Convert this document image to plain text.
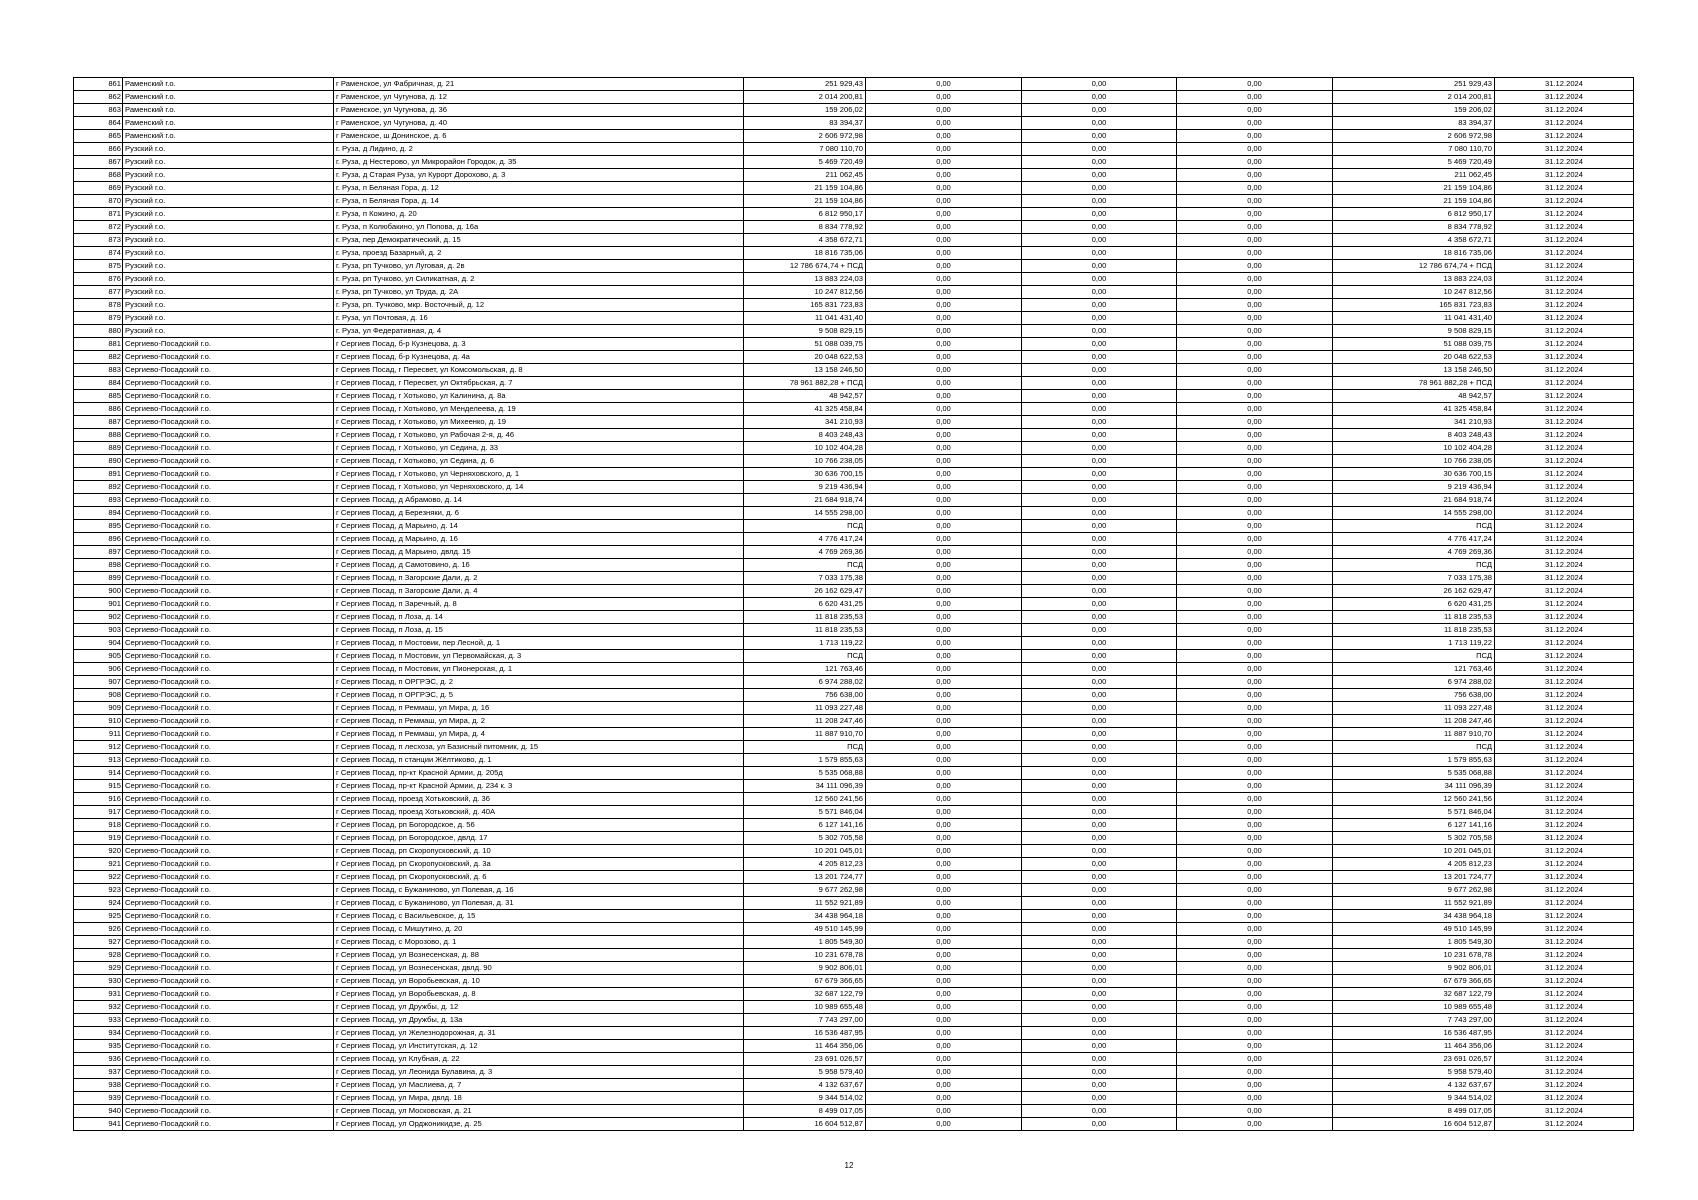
861	Раменский г.о.	г Раменское, ул Фабричная, д. 21	251 929,43	0,00	0,00	0,00	251 929,43	31.12.2024
862	Раменский г.о.	г Раменское, ул Чугунова, д. 12	2 014 200,81	0,00	0,00	0,00	2 014 200,81	31.12.2024
863	Раменский г.о.	г Раменское, ул Чугунова, д. 36	159 206,02	0,00	0,00	0,00	159 206,02	31.12.2024
864	Раменский г.о.	г Раменское, ул Чугунова, д. 40	83 394,37	0,00	0,00	0,00	83 394,37	31.12.2024
865	Раменский г.о.	г Раменское, ш Донинское, д. 6	2 606 972,98	0,00	0,00	0,00	2 606 972,98	31.12.2024
866	Рузский г.о.	г. Руза, д Лидино, д. 2	7 080 110,70	0,00	0,00	0,00	7 080 110,70	31.12.2024
867	Рузский г.о.	г. Руза, д Нестерово, ул Микрорайон Городок, д. 35	5 469 720,49	0,00	0,00	0,00	5 469 720,49	31.12.2024
868	Рузский г.о.	г. Руза, д Старая Руза, ул Курорт Дорохово, д. 3	211 062,45	0,00	0,00	0,00	211 062,45	31.12.2024
869	Рузский г.о.	г. Руза, п Беляная Гора, д. 12	21 159 104,86	0,00	0,00	0,00	21 159 104,86	31.12.2024
870	Рузский г.о.	г. Руза, п Беляная Гора, д. 14	21 159 104,86	0,00	0,00	0,00	21 159 104,86	31.12.2024
871	Рузский г.о.	г. Руза, п Кожино, д. 20	6 812 950,17	0,00	0,00	0,00	6 812 950,17	31.12.2024
872	Рузский г.о.	г. Руза, п Колюбакино, ул Попова, д. 16а	8 834 778,92	0,00	0,00	0,00	8 834 778,92	31.12.2024
873	Рузский г.о.	г. Руза, пер Демократический, д. 15	4 358 672,71	0,00	0,00	0,00	4 358 672,71	31.12.2024
874	Рузский г.о.	г. Руза, проезд Базарный, д. 2	18 816 735,06	0,00	0,00	0,00	18 816 735,06	31.12.2024
875	Рузский г.о.	г. Руза, рп Тучково, ул Луговая, д. 2в	12 786 674,74 + ПСД	0,00	0,00	0,00	12 786 674,74 + ПСД	31.12.2024
876	Рузский г.о.	г. Руза, рп Тучково, ул Силикатная, д. 2	13 883 224,03	0,00	0,00	0,00	13 883 224,03	31.12.2024
877	Рузский г.о.	г. Руза, рп Тучково, ул Труда, д. 2А	10 247 812,56	0,00	0,00	0,00	10 247 812,56	31.12.2024
878	Рузский г.о.	г. Руза, рп. Тучково, мкр. Восточный, д. 12	165 831 723,83	0,00	0,00	0,00	165 831 723,83	31.12.2024
879	Рузский г.о.	г. Руза, ул Почтовая, д. 16	11 041 431,40	0,00	0,00	0,00	11 041 431,40	31.12.2024
880	Рузский г.о.	г. Руза, ул Федеративная, д. 4	9 508 829,15	0,00	0,00	0,00	9 508 829,15	31.12.2024
881	Сергиево-Посадский г.о.	г Сергиев Посад, б-р Кузнецова, д. 3	51 088 039,75	0,00	0,00	0,00	51 088 039,75	31.12.2024
882	Сергиево-Посадский г.о.	г Сергиев Посад, б-р Кузнецова, д. 4а	20 048 622,53	0,00	0,00	0,00	20 048 622,53	31.12.2024
883	Сергиево-Посадский г.о.	г Сергиев Посад, г Пересвет, ул Комсомольская, д. 8	13 158 246,50	0,00	0,00	0,00	13 158 246,50	31.12.2024
884	Сергиево-Посадский г.о.	г Сергиев Посад, г Пересвет, ул Октябрьская, д. 7	78 961 882,28 + ПСД	0,00	0,00	0,00	78 961 882,28 + ПСД	31.12.2024
885	Сергиево-Посадский г.о.	г Сергиев Посад, г Хотьково, ул Калинина, д. 8а	48 942,57	0,00	0,00	0,00	48 942,57	31.12.2024
886	Сергиево-Посадский г.о.	г Сергиев Посад, г Хотьково, ул Менделеева, д. 19	41 325 458,84	0,00	0,00	0,00	41 325 458,84	31.12.2024
887	Сергиево-Посадский г.о.	г Сергиев Посад, г Хотьково, ул Михеенко, д. 19	341 210,93	0,00	0,00	0,00	341 210,93	31.12.2024
888	Сергиево-Посадский г.о.	г Сергиев Посад, г Хотьково, ул Рабочая 2-я, д. 46	8 403 248,43	0,00	0,00	0,00	8 403 248,43	31.12.2024
889	Сергиево-Посадский г.о.	г Сергиев Посад, г Хотьково, ул Седина, д. 33	10 102 404,28	0,00	0,00	0,00	10 102 404,28	31.12.2024
890	Сергиево-Посадский г.о.	г Сергиев Посад, г Хотьково, ул Седина, д. 6	10 766 238,05	0,00	0,00	0,00	10 766 238,05	31.12.2024
891	Сергиево-Посадский г.о.	г Сергиев Посад, г Хотьково, ул Черняховского, д. 1	30 636 700,15	0,00	0,00	0,00	30 636 700,15	31.12.2024
892	Сергиево-Посадский г.о.	г Сергиев Посад, г Хотьково, ул Черняховского, д. 14	9 219 436,94	0,00	0,00	0,00	9 219 436,94	31.12.2024
893	Сергиево-Посадский г.о.	г Сергиев Посад, д Абрамово, д. 14	21 684 918,74	0,00	0,00	0,00	21 684 918,74	31.12.2024
894	Сергиево-Посадский г.о.	г Сергиев Посад, д Березняки, д. 6	14 555 298,00	0,00	0,00	0,00	14 555 298,00	31.12.2024
895	Сергиево-Посадский г.о.	г Сергиев Посад, д Марьино, д. 14	ПСД	0,00	0,00	0,00	ПСД	31.12.2024
896	Сергиево-Посадский г.о.	г Сергиев Посад, д Марьино, д. 16	4 776 417,24	0,00	0,00	0,00	4 776 417,24	31.12.2024
897	Сергиево-Посадский г.о.	г Сергиев Посад, д Марьино, двлд. 15	4 769 269,36	0,00	0,00	0,00	4 769 269,36	31.12.2024
898	Сергиево-Посадский г.о.	г Сергиев Посад, д Самотовино, д. 16	ПСД	0,00	0,00	0,00	ПСД	31.12.2024
899	Сергиево-Посадский г.о.	г Сергиев Посад, п Загорские Дали, д. 2	7 033 175,38	0,00	0,00	0,00	7 033 175,38	31.12.2024
900	Сергиево-Посадский г.о.	г Сергиев Посад, п Загорские Дали, д. 4	26 162 629,47	0,00	0,00	0,00	26 162 629,47	31.12.2024
901	Сергиево-Посадский г.о.	г Сергиев Посад, п Заречный, д. 8	6 620 431,25	0,00	0,00	0,00	6 620 431,25	31.12.2024
902	Сергиево-Посадский г.о.	г Сергиев Посад, п Лоза, д. 14	11 818 235,53	0,00	0,00	0,00	11 818 235,53	31.12.2024
903	Сергиево-Посадский г.о.	г Сергиев Посад, п Лоза, д. 15	11 818 235,53	0,00	0,00	0,00	11 818 235,53	31.12.2024
904	Сергиево-Посадский г.о.	г Сергиев Посад, п Мостовик, пер Лесной, д. 1	1 713 119,22	0,00	0,00	0,00	1 713 119,22	31.12.2024
905	Сергиево-Посадский г.о.	г Сергиев Посад, п Мостовик, ул Первомайская, д. 3	ПСД	0,00	0,00	0,00	ПСД	31.12.2024
906	Сергиево-Посадский г.о.	г Сергиев Посад, п Мостовик, ул Пионерская, д. 1	121 763,46	0,00	0,00	0,00	121 763,46	31.12.2024
907	Сергиево-Посадский г.о.	г Сергиев Посад, п ОРГРЭС, д. 2	6 974 288,02	0,00	0,00	0,00	6 974 288,02	31.12.2024
908	Сергиево-Посадский г.о.	г Сергиев Посад, п ОРГРЭС, д. 5	756 638,00	0,00	0,00	0,00	756 638,00	31.12.2024
909	Сергиево-Посадский г.о.	г Сергиев Посад, п Реммаш, ул Мира, д. 16	11 093 227,48	0,00	0,00	0,00	11 093 227,48	31.12.2024
910	Сергиево-Посадский г.о.	г Сергиев Посад, п Реммаш, ул Мира, д. 2	11 208 247,46	0,00	0,00	0,00	11 208 247,46	31.12.2024
911	Сергиево-Посадский г.о.	г Сергиев Посад, п Реммаш, ул Мира, д. 4	11 887 910,70	0,00	0,00	0,00	11 887 910,70	31.12.2024
912	Сергиево-Посадский г.о.	г Сергиев Посад, п лесхоза, ул Базисный питомник, д. 15	ПСД	0,00	0,00	0,00	ПСД	31.12.2024
913	Сергиево-Посадский г.о.	г Сергиев Посад, п станции Жёлтиково, д. 1	1 579 855,63	0,00	0,00	0,00	1 579 855,63	31.12.2024
914	Сергиево-Посадский г.о.	г Сергиев Посад, пр-кт Красной Армии, д. 205д	5 535 068,88	0,00	0,00	0,00	5 535 068,88	31.12.2024
915	Сергиево-Посадский г.о.	г Сергиев Посад, пр-кт Красной Армии, д. 234 к. 3	34 111 096,39	0,00	0,00	0,00	34 111 096,39	31.12.2024
916	Сергиево-Посадский г.о.	г Сергиев Посад, проезд Хотьковский, д. 36	12 560 241,56	0,00	0,00	0,00	12 560 241,56	31.12.2024
917	Сергиево-Посадский г.о.	г Сергиев Посад, проезд Хотьковский, д. 40А	5 571 846,04	0,00	0,00	0,00	5 571 846,04	31.12.2024
918	Сергиево-Посадский г.о.	г Сергиев Посад, рп Богородское, д. 56	6 127 141,16	0,00	0,00	0,00	6 127 141,16	31.12.2024
919	Сергиево-Посадский г.о.	г Сергиев Посад, рп Богородское, двлд. 17	5 302 705,58	0,00	0,00	0,00	5 302 705,58	31.12.2024
920	Сергиево-Посадский г.о.	г Сергиев Посад, рп Скоропусковский, д. 10	10 201 045,01	0,00	0,00	0,00	10 201 045,01	31.12.2024
921	Сергиево-Посадский г.о.	г Сергиев Посад, рп Скоропусковский, д. 3а	4 205 812,23	0,00	0,00	0,00	4 205 812,23	31.12.2024
922	Сергиево-Посадский г.о.	г Сергиев Посад, рп Скоропусковский, д. 6	13 201 724,77	0,00	0,00	0,00	13 201 724,77	31.12.2024
923	Сергиево-Посадский г.о.	г Сергиев Посад, с Бужаниново, ул Полевая, д. 16	9 677 262,98	0,00	0,00	0,00	9 677 262,98	31.12.2024
924	Сергиево-Посадский г.о.	г Сергиев Посад, с Бужаниново, ул Полевая, д. 31	11 552 921,89	0,00	0,00	0,00	11 552 921,89	31.12.2024
925	Сергиево-Посадский г.о.	г Сергиев Посад, с Васильевское, д. 15	34 438 964,18	0,00	0,00	0,00	34 438 964,18	31.12.2024
926	Сергиево-Посадский г.о.	г Сергиев Посад, с Мишутино, д. 20	49 510 145,99	0,00	0,00	0,00	49 510 145,99	31.12.2024
927	Сергиево-Посадский г.о.	г Сергиев Посад, с Морозово, д. 1	1 805 549,30	0,00	0,00	0,00	1 805 549,30	31.12.2024
928	Сергиево-Посадский г.о.	г Сергиев Посад, ул Вознесенская, д. 88	10 231 678,78	0,00	0,00	0,00	10 231 678,78	31.12.2024
929	Сергиево-Посадский г.о.	г Сергиев Посад, ул Вознесенская, двлд. 90	9 902 806,01	0,00	0,00	0,00	9 902 806,01	31.12.2024
930	Сергиево-Посадский г.о.	г Сергиев Посад, ул Воробьевская, д. 10	67 679 366,65	0,00	0,00	0,00	67 679 366,65	31.12.2024
931	Сергиево-Посадский г.о.	г Сергиев Посад, ул Воробьевская, д. 8	32 687 122,79	0,00	0,00	0,00	32 687 122,79	31.12.2024
932	Сергиево-Посадский г.о.	г Сергиев Посад, ул Дружбы, д. 12	10 989 655,48	0,00	0,00	0,00	10 989 655,48	31.12.2024
933	Сергиево-Посадский г.о.	г Сергиев Посад, ул Дружбы, д. 13а	7 743 297,00	0,00	0,00	0,00	7 743 297,00	31.12.2024
934	Сергиево-Посадский г.о.	г Сергиев Посад, ул Железнодорожная, д. 31	16 536 487,95	0,00	0,00	0,00	16 536 487,95	31.12.2024
935	Сергиево-Посадский г.о.	г Сергиев Посад, ул Институтская, д. 12	11 464 356,06	0,00	0,00	0,00	11 464 356,06	31.12.2024
936	Сергиево-Посадский г.о.	г Сергиев Посад, ул Клубная, д. 22	23 691 026,57	0,00	0,00	0,00	23 691 026,57	31.12.2024
937	Сергиево-Посадский г.о.	г Сергиев Посад, ул Леонида Булавина, д. 3	5 958 579,40	0,00	0,00	0,00	5 958 579,40	31.12.2024
938	Сергиево-Посадский г.о.	г Сергиев Посад, ул Маслиева, д. 7	4 132 637,67	0,00	0,00	0,00	4 132 637,67	31.12.2024
939	Сергиево-Посадский г.о.	г Сергиев Посад, ул Мира, двлд. 18	9 344 514,02	0,00	0,00	0,00	9 344 514,02	31.12.2024
940	Сергиево-Посадский г.о.	г Сергиев Посад, ул Московская, д. 21	8 499 017,05	0,00	0,00	0,00	8 499 017,05	31.12.2024
941	Сергиево-Посадский г.о.	г Сергиев Посад, ул Орджоникидзе, д. 25	16 604 512,87	0,00	0,00	0,00	16 604 512,87	31.12.2024
12
